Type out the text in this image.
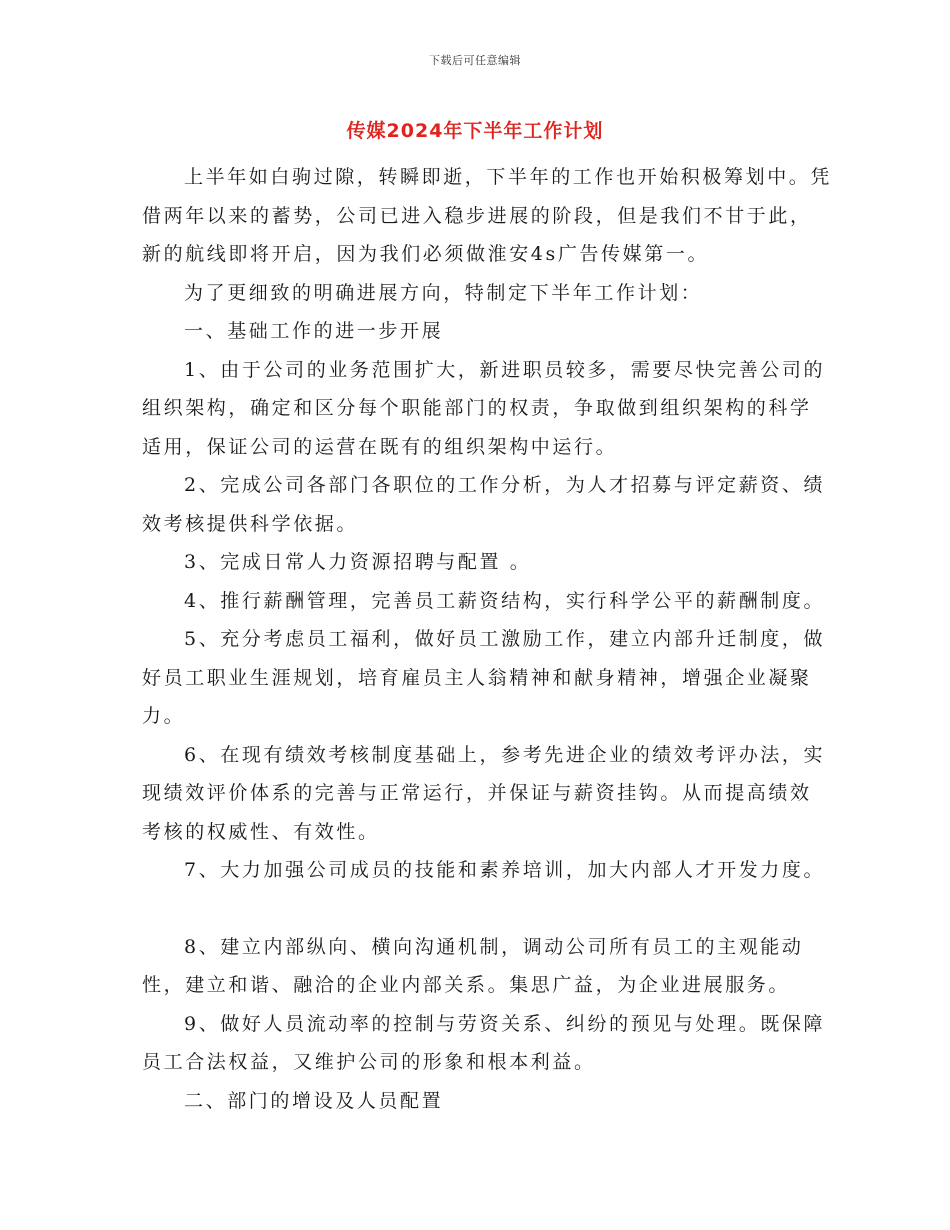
下载后可任意编辑
传媒2024年下半年工作计划

上半年如白驹过隙，转瞬即逝，下半年的工作也开始积极筹划中。凭借两年以来的蓄势，公司已进入稳步进展的阶段，但是我们不甘于此，新的航线即将开启，因为我们必须做淮安4s广告传媒第一。

为了更细致的明确进展方向，特制定下半年工作计划：

一、基础工作的进一步开展

1、由于公司的业务范围扩大，新进职员较多，需要尽快完善公司的组织架构，确定和区分每个职能部门的权责，争取做到组织架构的科学适用，保证公司的运营在既有的组织架构中运行。

2、完成公司各部门各职位的工作分析，为人才招募与评定薪资、绩效考核提供科学依据。

3、完成日常人力资源招聘与配置 。

4、推行薪酬管理，完善员工薪资结构，实行科学公平的薪酬制度。

5、充分考虑员工福利，做好员工激励工作，建立内部升迁制度，做好员工职业生涯规划，培育雇员主人翁精神和献身精神，增强企业凝聚力。

6、在现有绩效考核制度基础上，参考先进企业的绩效考评办法，实现绩效评价体系的完善与正常运行，并保证与薪资挂钩。从而提高绩效考核的权威性、有效性。

7、大力加强公司成员的技能和素养培训，加大内部人才开发力度。

8、建立内部纵向、横向沟通机制，调动公司所有员工的主观能动性，建立和谐、融洽的企业内部关系。集思广益，为企业进展服务。

9、做好人员流动率的控制与劳资关系、纠纷的预见与处理。既保障员工合法权益，又维护公司的形象和根本利益。

二、部门的增设及人员配置
